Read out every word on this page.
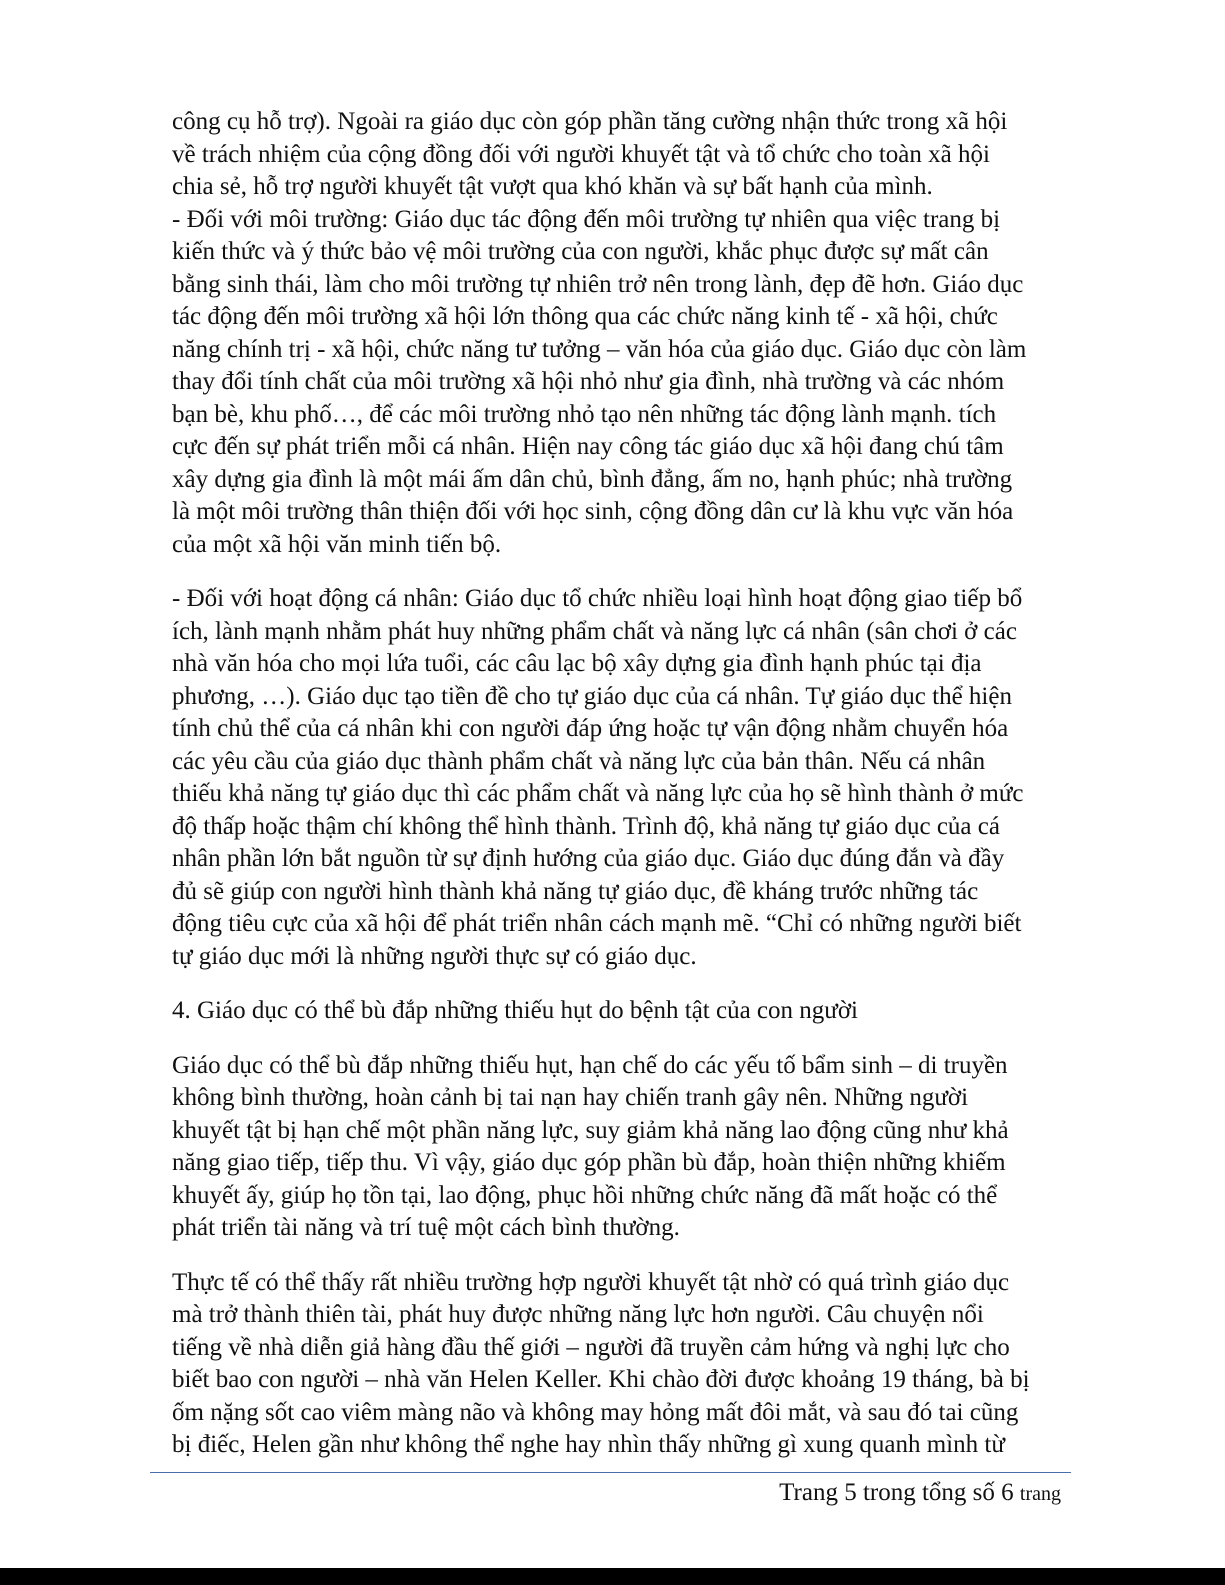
công cụ hỗ trợ). Ngoài ra giáo dục còn góp phần tăng cường nhận thức trong xã hội
về trách nhiệm của cộng đồng đối với người khuyết tật và tổ chức cho toàn xã hội
chia sẻ, hỗ trợ người khuyết tật vượt qua khó khăn và sự bất hạnh của mình.
- Đối với môi trường: Giáo dục tác động đến môi trường tự nhiên qua việc trang bị
kiến thức và ý thức bảo vệ môi trường của con người, khắc phục được sự mất cân
bằng sinh thái, làm cho môi trường tự nhiên trở nên trong lành, đẹp đẽ hơn. Giáo dục
tác động đến môi trường xã hội lớn thông qua các chức năng kinh tế - xã hội, chức
năng chính trị - xã hội, chức năng tư tưởng – văn hóa của giáo dục. Giáo dục còn làm
thay đổi tính chất của môi trường xã hội nhỏ như gia đình, nhà trường và các nhóm
bạn bè, khu phố…, để các môi trường nhỏ tạo nên những tác động lành mạnh. tích
cực đến sự phát triển mỗi cá nhân. Hiện nay công tác giáo dục xã hội đang chú tâm
xây dựng gia đình là một mái ấm dân chủ, bình đẳng, ấm no, hạnh phúc; nhà trường
là một môi trường thân thiện đối với học sinh, cộng đồng dân cư là khu vực văn hóa
của một xã hội văn minh tiến bộ.
- Đối với hoạt động cá nhân: Giáo dục tổ chức nhiều loại hình hoạt động giao tiếp bổ
ích, lành mạnh nhằm phát huy những phẩm chất và năng lực cá nhân (sân chơi ở các
nhà văn hóa cho mọi lứa tuổi, các câu lạc bộ xây dựng gia đình hạnh phúc tại địa
phương, …). Giáo dục tạo tiền đề cho tự giáo dục của cá nhân. Tự giáo dục thể hiện
tính chủ thể của cá nhân khi con người đáp ứng hoặc tự vận động nhằm chuyển hóa
các yêu cầu của giáo dục thành phẩm chất và năng lực của bản thân. Nếu cá nhân
thiếu khả năng tự giáo dục thì các phẩm chất và năng lực của họ sẽ hình thành ở mức
độ thấp hoặc thậm chí không thể hình thành. Trình độ, khả năng tự giáo dục của cá
nhân phần lớn bắt nguồn từ sự định hướng của giáo dục. Giáo dục đúng đắn và đầy
đủ sẽ giúp con người hình thành khả năng tự giáo dục, đề kháng trước những tác
động tiêu cực của xã hội để phát triển nhân cách mạnh mẽ. “Chỉ có những người biết
tự giáo dục mới là những người thực sự có giáo dục.
4. Giáo dục có thể bù đắp những thiếu hụt do bệnh tật của con người
Giáo dục có thể bù đắp những thiếu hụt, hạn chế do các yếu tố bẩm sinh – di truyền
không bình thường, hoàn cảnh bị tai nạn hay chiến tranh gây nên. Những người
khuyết tật bị hạn chế một phần năng lực, suy giảm khả năng lao động cũng như khả
năng giao tiếp, tiếp thu. Vì vậy, giáo dục góp phần bù đắp, hoàn thiện những khiếm
khuyết ấy, giúp họ tồn tại, lao động, phục hồi những chức năng đã mất hoặc có thể
phát triển tài năng và trí tuệ một cách bình thường.
Thực tế có thể thấy rất nhiều trường hợp người khuyết tật nhờ có quá trình giáo dục
mà trở thành thiên tài, phát huy được những năng lực hơn người. Câu chuyện nổi
tiếng về nhà diễn giả hàng đầu thế giới – người đã truyền cảm hứng và nghị lực cho
biết bao con người – nhà văn Helen Keller. Khi chào đời được khoảng 19 tháng, bà bị
ốm nặng sốt cao viêm màng não và không may hỏng mất đôi mắt, và sau đó tai cũng
bị điếc, Helen gần như không thể nghe hay nhìn thấy những gì xung quanh mình từ
Trang 5 trong tổng số 6 trang
